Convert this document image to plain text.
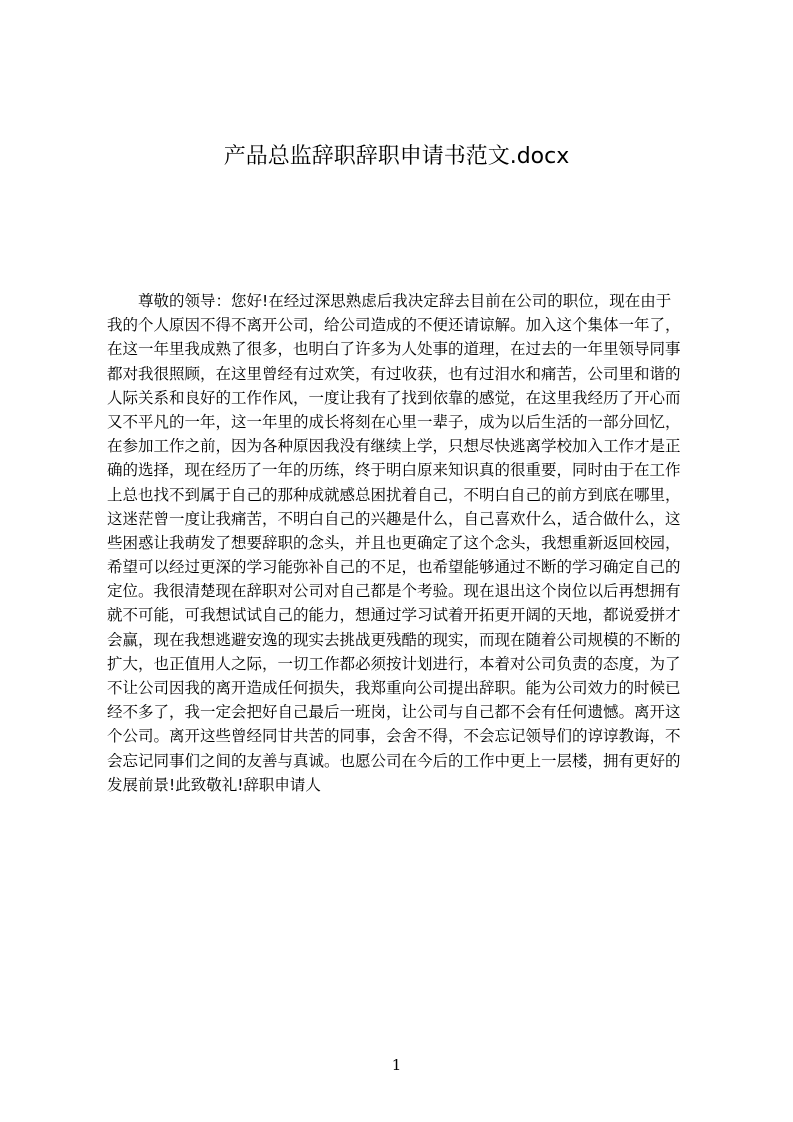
产品总监辞职辞职申请书范文.docx
　　尊敬的领导：您好!在经过深思熟虑后我决定辞去目前在公司的职位，现在由于
我的个人原因不得不离开公司，给公司造成的不便还请谅解。加入这个集体一年了，
在这一年里我成熟了很多，也明白了许多为人处事的道理，在过去的一年里领导同事
都对我很照顾，在这里曾经有过欢笑，有过收获，也有过泪水和痛苦，公司里和谐的
人际关系和良好的工作作风，一度让我有了找到依靠的感觉，在这里我经历了开心而
又不平凡的一年，这一年里的成长将刻在心里一辈子，成为以后生活的一部分回忆，
在参加工作之前，因为各种原因我没有继续上学，只想尽快逃离学校加入工作才是正
确的选择，现在经历了一年的历练，终于明白原来知识真的很重要，同时由于在工作
上总也找不到属于自己的那种成就感总困扰着自己，不明白自己的前方到底在哪里，
这迷茫曾一度让我痛苦，不明白自己的兴趣是什么，自己喜欢什么，适合做什么，这
些困惑让我萌发了想要辞职的念头，并且也更确定了这个念头，我想重新返回校园，
希望可以经过更深的学习能弥补自己的不足，也希望能够通过不断的学习确定自己的
定位。我很清楚现在辞职对公司对自己都是个考验。现在退出这个岗位以后再想拥有
就不可能，可我想试试自己的能力，想通过学习试着开拓更开阔的天地，都说爱拼才
会赢，现在我想逃避安逸的现实去挑战更残酷的现实，而现在随着公司规模的不断的
扩大，也正值用人之际，一切工作都必须按计划进行，本着对公司负责的态度，为了
不让公司因我的离开造成任何损失，我郑重向公司提出辞职。能为公司效力的时候已
经不多了，我一定会把好自己最后一班岗，让公司与自己都不会有任何遗憾。离开这
个公司。离开这些曾经同甘共苦的同事，会舍不得，不会忘记领导们的谆谆教诲，不
会忘记同事们之间的友善与真诚。也愿公司在今后的工作中更上一层楼，拥有更好的
发展前景!此致敬礼!辞职申请人
1
